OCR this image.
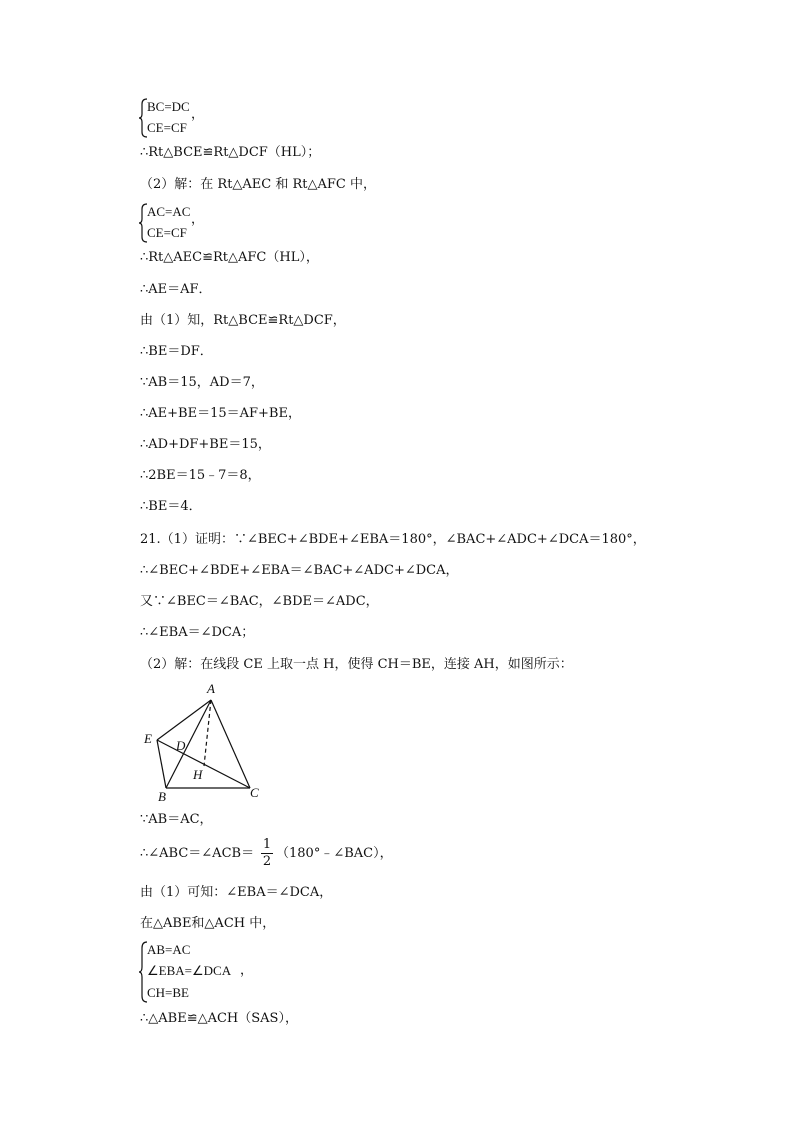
BC=DC
CE=CF
，
∴Rt△BCE≌Rt△DCF（HL）；
（2）解：在 Rt△AEC 和 Rt△AFC 中，
AC=AC
CE=CF
，
∴Rt△AEC≌Rt△AFC（HL），
∴AE＝AF．
由（1）知，Rt△BCE≌Rt△DCF，
∴BE＝DF．
∵AB＝15，AD＝7，
∴AE+BE＝15＝AF+BE，
∴AD+DF+BE＝15，
∴2BE＝15﹣7＝8，
∴BE＝4．
21.（1）证明：∵∠BEC+∠BDE+∠EBA＝180°，∠BAC+∠ADC+∠DCA＝180°，
∴∠BEC+∠BDE+∠EBA＝∠BAC+∠ADC+∠DCA，
又∵∠BEC＝∠BAC，∠BDE＝∠ADC，
∴∠EBA＝∠DCA；
（2）解：在线段 CE 上取一点 H，使得 CH＝BE，连接 AH，如图所示：
A
E D
H
B	C
∵AB＝AC，
∴∠ABC＝∠ACB＝
1
2
（180°﹣∠BAC），
由（1）可知：∠EBA＝∠DCA，
在△ABE和△ACH 中，
AB=AC
∠EBA=∠DCA
CH=BE
，
∴△ABE≌△ACH（SAS），
